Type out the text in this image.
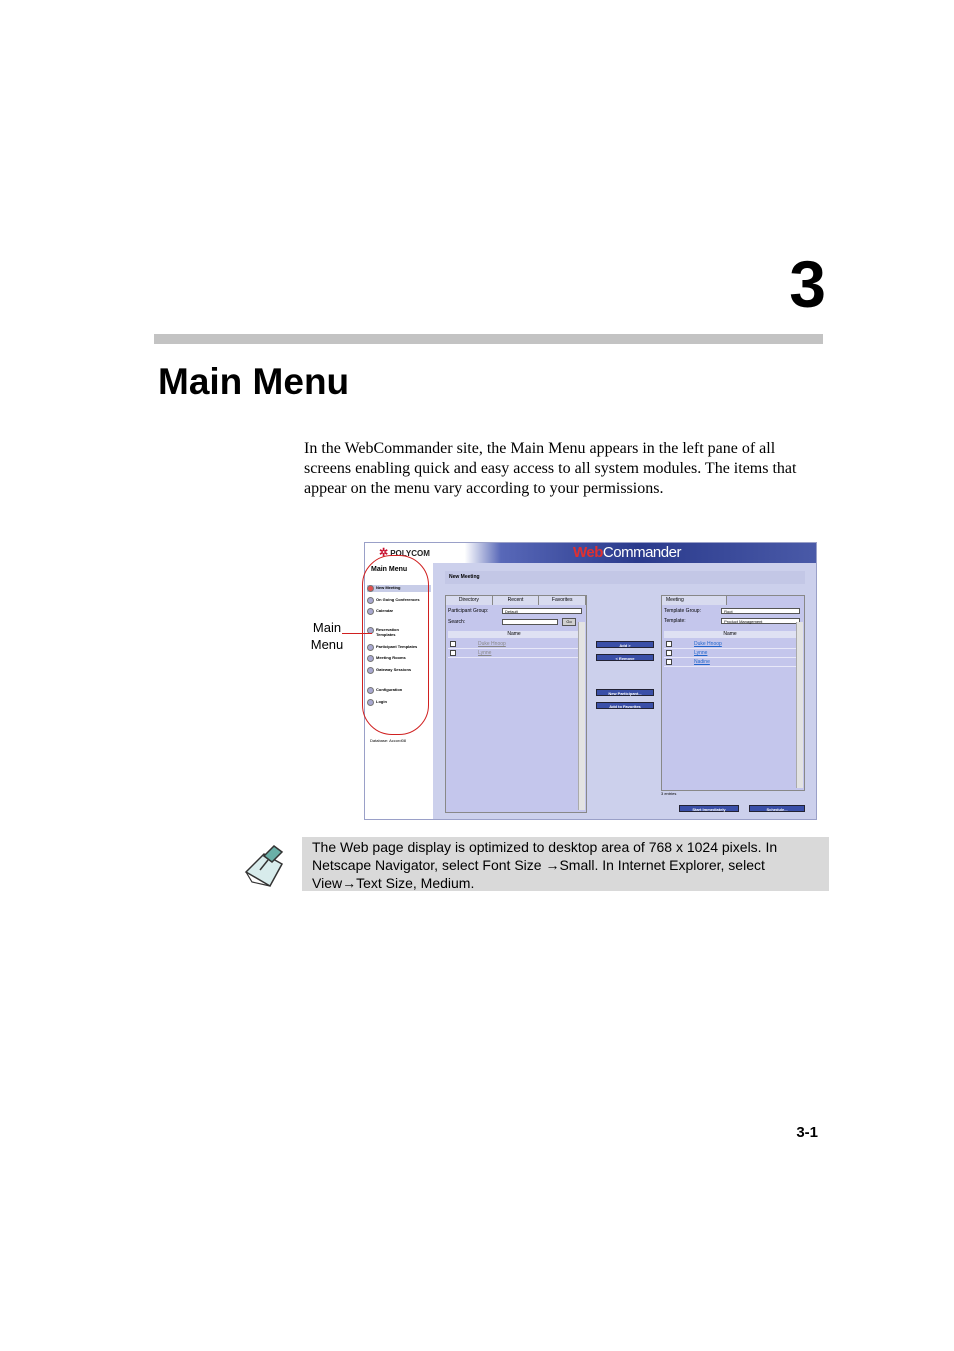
3
Main Menu

In the WebCommander site, the Main Menu appears in the left pane of all screens enabling quick and easy access to all system modules. The items that appear on the menu vary according to your permissions.

✲ POLYCOM	WebCommander
Main Menu
New Meeting
On Going Conferences
Calendar
Reservation Templates
Participant Templates
Meeting Rooms
Gateway Sessions
Configuration
Login
Database: Accord08
New Meeting
Directory	Recent	Favorites
Participant Group:	Default
Search:	Go
Name
Duke Hnoop
Lynne
Add >
< Remove
New Participant...
Add to Favorites
Meeting
Template Group:	Root
Template:	Product Management
Name
Duke Hnoop
Lynne
Nadine
3 entries
Start Immediately	Schedule...
Main Menu
The Web page display is optimized to desktop area of 768 x 1024 pixels. In Netscape Navigator, select Font Size →Small. In Internet Explorer, select View→Text Size, Medium.
3-1
